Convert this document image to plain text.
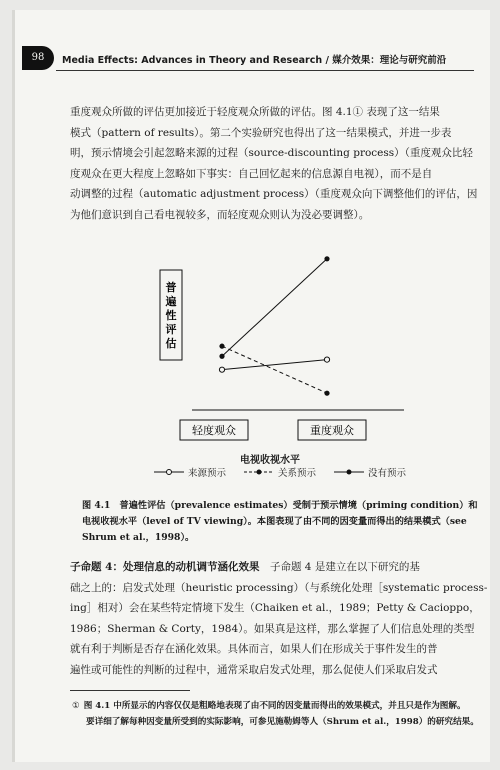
98	Media Effects: Advances in Theory and Research / 媒介效果：理论与研究前沿

重度观众所做的评估更加接近于轻度观众所做的评估。图 4.1① 表现了这一结果
模式（pattern of results）。第二个实验研究也得出了这一结果模式，并进一步表
明，预示情境会引起忽略来源的过程（source-discounting process）（重度观众比轻
度观众在更大程度上忽略如下事实：自己回忆起来的信息源自电视），而不是自
动调整的过程（automatic adjustment process）（重度观众向下调整他们的评估，因
为他们意识到自己看电视较多，而轻度观众则认为没必要调整）。

普
遍
性
评
估
轻度观众	重度观众
电视收视水平
来源预示	关系预示	没有预示

图 4.1　普遍性评估（prevalence estimates）受制于预示情境（priming condition）和
电视收视水平（level of TV viewing）。本图表现了由不同的因变量而得出的结果模式（see
Shrum et al.，1998）。

子命题 4：处理信息的动机调节涵化效果　子命题 4 是建立在以下研究的基
础之上的：启发式处理（heuristic processing）（与系统化处理［systematic process-
ing］相对）会在某些特定情境下发生（Chaiken et al.，1989；Petty & Cacioppo，
1986；Sherman & Corty，1984）。如果真是这样，那么掌握了人们信息处理的类型
就有利于判断是否存在涵化效果。具体而言，如果人们在形成关于事件发生的普
遍性或可能性的判断的过程中，通常采取启发式处理，那么促使人们采取启发式

① 图 4.1 中所显示的内容仅仅是粗略地表现了由不同的因变量而得出的效果模式，并且只是作为图解。
要详细了解每种因变量所受到的实际影响，可参见施勒姆等人（Shrum et al.，1998）的研究结果。
